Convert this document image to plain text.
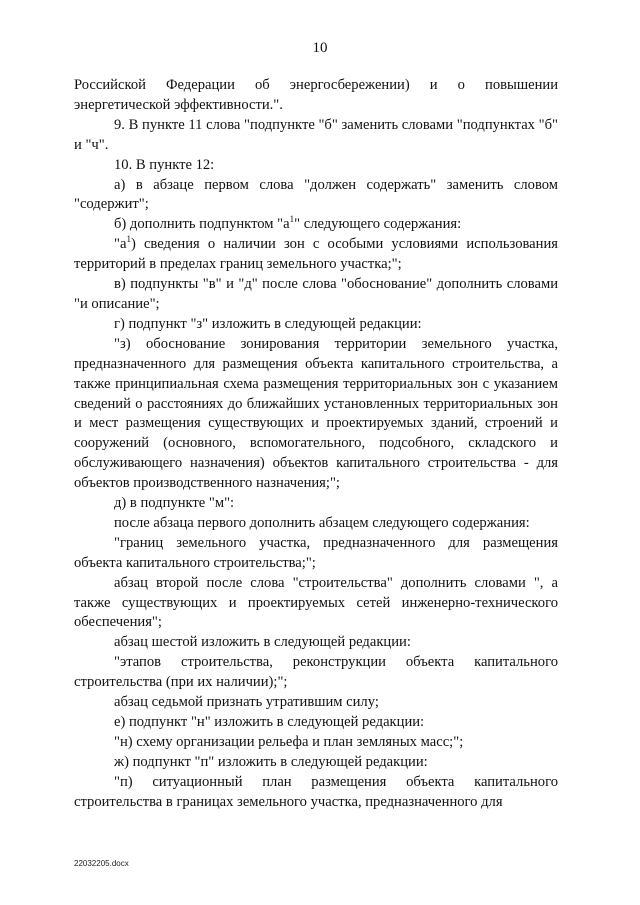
10

Российской Федерации об энергосбережении) и о повышении энергетической эффективности.".

9. В пункте 11 слова "подпункте "б" заменить словами "подпунктах "б" и "ч".

10. В пункте 12:

а) в абзаце первом слова "должен содержать" заменить словом "содержит";

б) дополнить подпунктом "$а^1$" следующего содержания:

"$а^1$) сведения о наличии зон с особыми условиями использования территорий в пределах границ земельного участка;";

в) подпункты "в" и "д" после слова "обоснование" дополнить словами "и описание";

г) подпункт "з" изложить в следующей редакции:

"з) обоснование зонирования территории земельного участка, предназначенного для размещения объекта капитального строительства, а также принципиальная схема размещения территориальных зон с указанием сведений о расстояниях до ближайших установленных территориальных зон и мест размещения существующих и проектируемых зданий, строений и сооружений (основного, вспомогательного, подсобного, складского и обслуживающего назначения) объектов капитального строительства - для объектов производственного назначения;";

д) в подпункте "м":

после абзаца первого дополнить абзацем следующего содержания:

"границ земельного участка, предназначенного для размещения объекта капитального строительства;";

абзац второй после слова "строительства" дополнить словами ", а также существующих и проектируемых сетей инженерно-технического обеспечения";

абзац шестой изложить в следующей редакции:

"этапов строительства, реконструкции объекта капитального строительства (при их наличии);";

абзац седьмой признать утратившим силу;

е) подпункт "н" изложить в следующей редакции:

"н) схему организации рельефа и план земляных масс;";

ж) подпункт "п" изложить в следующей редакции:

"п) ситуационный план размещения объекта капитального строительства в границах земельного участка, предназначенного для

22032205.docx
